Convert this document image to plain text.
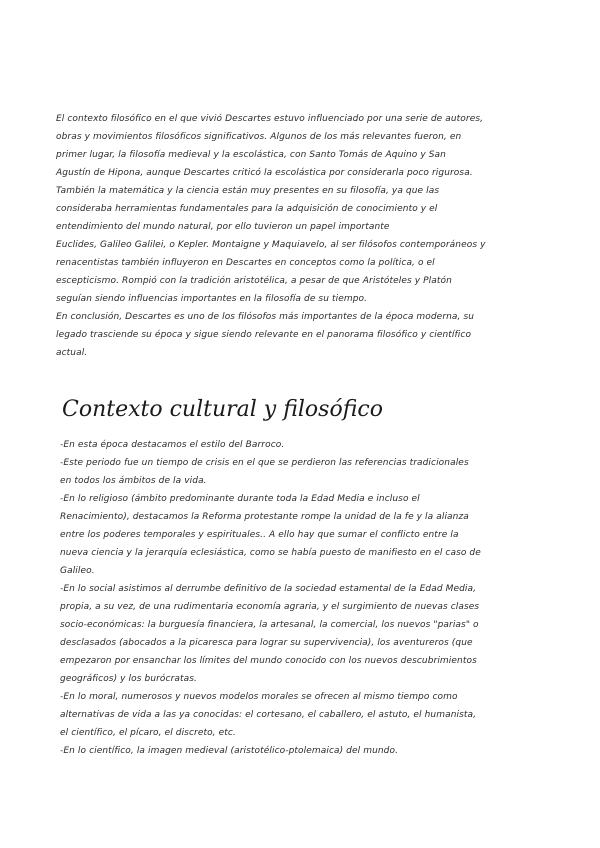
El contexto filosófico en el que vivió Descartes estuvo influenciado por una serie de autores,
obras y movimientos filosóficos significativos. Algunos de los más relevantes fueron, en
primer lugar, la filosofía medieval y la escolástica, con Santo Tomás de Aquino y San
Agustín de Hipona, aunque Descartes criticó la escolástica por considerarla poco rigurosa.
También la matemática y la ciencia están muy presentes en su filosofía, ya que las
consideraba herramientas fundamentales para la adquisición de conocimiento y el
entendimiento del mundo natural, por ello tuvieron un papel importante
Euclides, Galileo Galilei, o Kepler. Montaigne y Maquiavelo, al ser filósofos contemporáneos y
renacentistas también influyeron en Descartes en conceptos como la política, o el
escepticismo. Rompió con la tradición aristotélica, a pesar de que Aristóteles y Platón
seguían siendo influencias importantes en la filosofía de su tiempo.
En conclusión, Descartes es uno de los filósofos más importantes de la época moderna, su
legado trasciende su época y sigue siendo relevante en el panorama filosófico y científico
actual.
Contexto cultural y filosófico
-En esta época destacamos el estilo del Barroco.
-Este periodo fue un tiempo de crisis en el que se perdieron las referencias tradicionales
en todos los ámbitos de la vida.
-En lo religioso (ámbito predominante durante toda la Edad Media e incluso el
Renacimiento), destacamos la Reforma protestante rompe la unidad de la fe y la alianza
entre los poderes temporales y espirituales.. A ello hay que sumar el conflicto entre la
nueva ciencia y la jerarquía eclesiástica, como se había puesto de manifiesto en el caso de
Galileo.
-En lo social asistimos al derrumbe definitivo de la sociedad estamental de la Edad Media,
propia, a su vez, de una rudimentaria economía agraria, y el surgimiento de nuevas clases
socio-económicas: la burguesía financiera, la artesanal, la comercial, los nuevos "parias" o
desclasados (abocados a la picaresca para lograr su supervivencia), los aventureros (que
empezaron por ensanchar los límites del mundo conocido con los nuevos descubrimientos
geográficos) y los burócratas.
-En lo moral, numerosos y nuevos modelos morales se ofrecen al mismo tiempo como
alternativas de vida a las ya conocidas: el cortesano, el caballero, el astuto, el humanista,
el científico, el pícaro, el discreto, etc.
-En lo científico, la imagen medieval (aristotélico-ptolemaica) del mundo.
